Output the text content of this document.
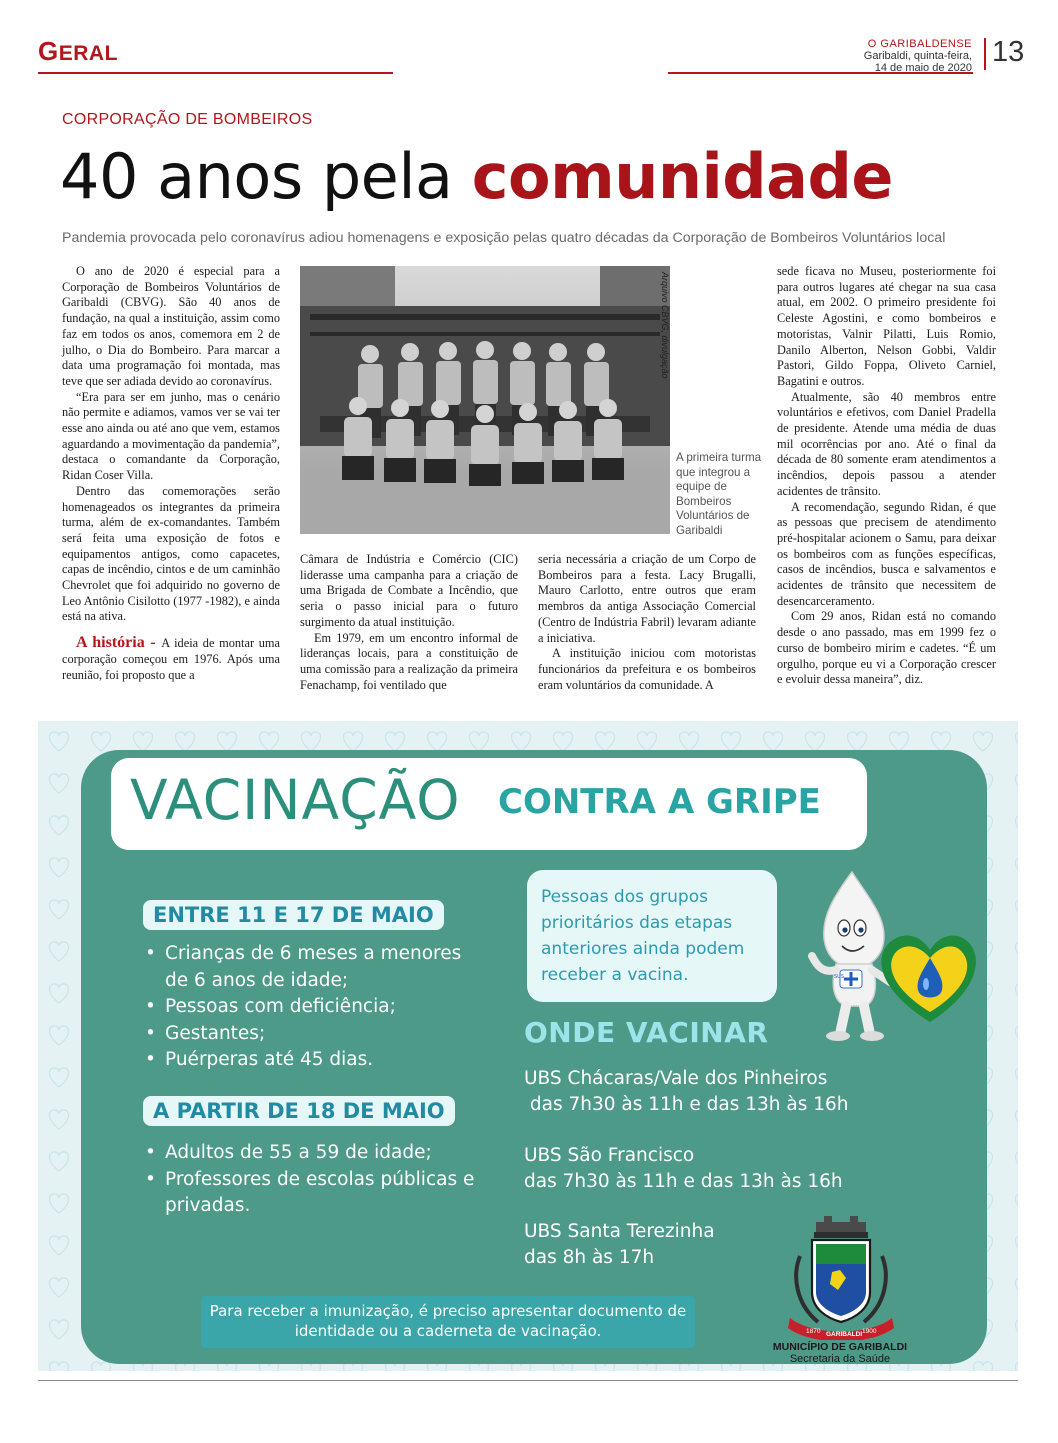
GERAL	O GARIBALDENSE
Garibaldi, quinta-feira,
14 de maio de 2020 13
CORPORAÇÃO DE BOMBEIROS
40 anos pela comunidade
Pandemia provocada pelo coronavírus adiou homenagens e exposição pelas quatro décadas da Corporação de Bombeiros Voluntários local

O ano de 2020 é especial para a Corporação de Bombeiros Voluntários de Garibaldi (CBVG). São 40 anos de fundação, na qual a instituição, assim como faz em todos os anos, comemora em 2 de julho, o Dia do Bombeiro. Para marcar a data uma programação foi montada, mas teve que ser adiada devido ao coronavírus.

“Era para ser em junho, mas o cenário não permite e adiamos, vamos ver se vai ter esse ano ainda ou até ano que vem, estamos aguardando a movimentação da pandemia”, destaca o comandante da Corporação, Ridan Coser Villa.

Dentro das comemorações serão homenageados os integrantes da primeira turma, além de ex-comandantes. Também será feita uma exposição de fotos e equipamentos antigos, como capacetes, capas de incêndio, cintos e de um caminhão Chevrolet que foi adquirido no governo de Leo Antônio Cisilotto (1977 -1982), e ainda está na ativa.

A história - A ideia de montar uma corporação começou em 1976. Após uma reunião, foi proposto que a

Arquivo CBVG, divulgação
A primeira turma que integrou a equipe de Bombeiros Voluntários de Garibaldi

Câmara de Indústria e Comércio (CIC) liderasse uma campanha para a criação de uma Brigada de Combate a Incêndio, que seria o passo inicial para o futuro surgimento da atual instituição.

Em 1979, em um encontro informal de lideranças locais, para a constituição de uma comissão para a realização da primeira Fenachamp, foi ventilado que

seria necessária a criação de um Corpo de Bombeiros para a festa. Lacy Brugalli, Mauro Carlotto, entre outros que eram membros da antiga Associação Comercial (Centro de Indústria Fabril) levaram adiante a iniciativa.

A instituição iniciou com motoristas funcionários da prefeitura e os bombeiros eram voluntários da comunidade. A

sede ficava no Museu, posteriormente foi para outros lugares até chegar na sua casa atual, em 2002. O primeiro presidente foi Celeste Agostini, e como bombeiros e motoristas, Valnir Pilatti, Luis Romio, Danilo Alberton, Nelson Gobbi, Valdir Pastori, Gildo Foppa, Oliveto Carniel, Bagatini e outros.

Atualmente, são 40 membros entre voluntários e efetivos, com Daniel Pradella de presidente. Atende uma média de duas mil ocorrências por ano. Até o final da década de 80 somente eram atendimentos a incêndios, depois passou a atender acidentes de trânsito.

A recomendação, segundo Ridan, é que as pessoas que precisem de atendimento pré-hospitalar acionem o Samu, para deixar os bombeiros com as funções específicas, casos de incêndios, busca e salvamentos e acidentes de trânsito que necessitem de desencarceramento.

Com 29 anos, Ridan está no comando desde o ano passado, mas em 1999 fez o curso de bombeiro mirim e cadetes. “É um orgulho, porque eu vi a Corporação crescer e evoluir dessa maneira”, diz.

VACINAÇÃO CONTRA A GRIPE
ENTRE 11 E 17 DE MAIO
• Crianças de 6 meses a menores de 6 anos de idade;
• Pessoas com deficiência;
• Gestantes;
• Puérperas até 45 dias.
A PARTIR DE 18 DE MAIO
• Adultos de 55 a 59 de idade;
• Professores de escolas públicas e privadas.
Pessoas dos grupos prioritários das etapas anteriores ainda podem receber a vacina.
ONDE VACINAR
UBS Chácaras/Vale dos Pinheiros
das 7h30 às 11h e das 13h às 16h
UBS São Francisco
das 7h30 às 11h e das 13h às 16h
UBS Santa Terezinha
das 8h às 17h
SUS
Para receber a imunização, é preciso apresentar documento de identidade ou a caderneta de vacinação.	1870 GARIBALDI 1900
MUNICÍPIO DE GARIBALDI
Secretaria da Saúde
